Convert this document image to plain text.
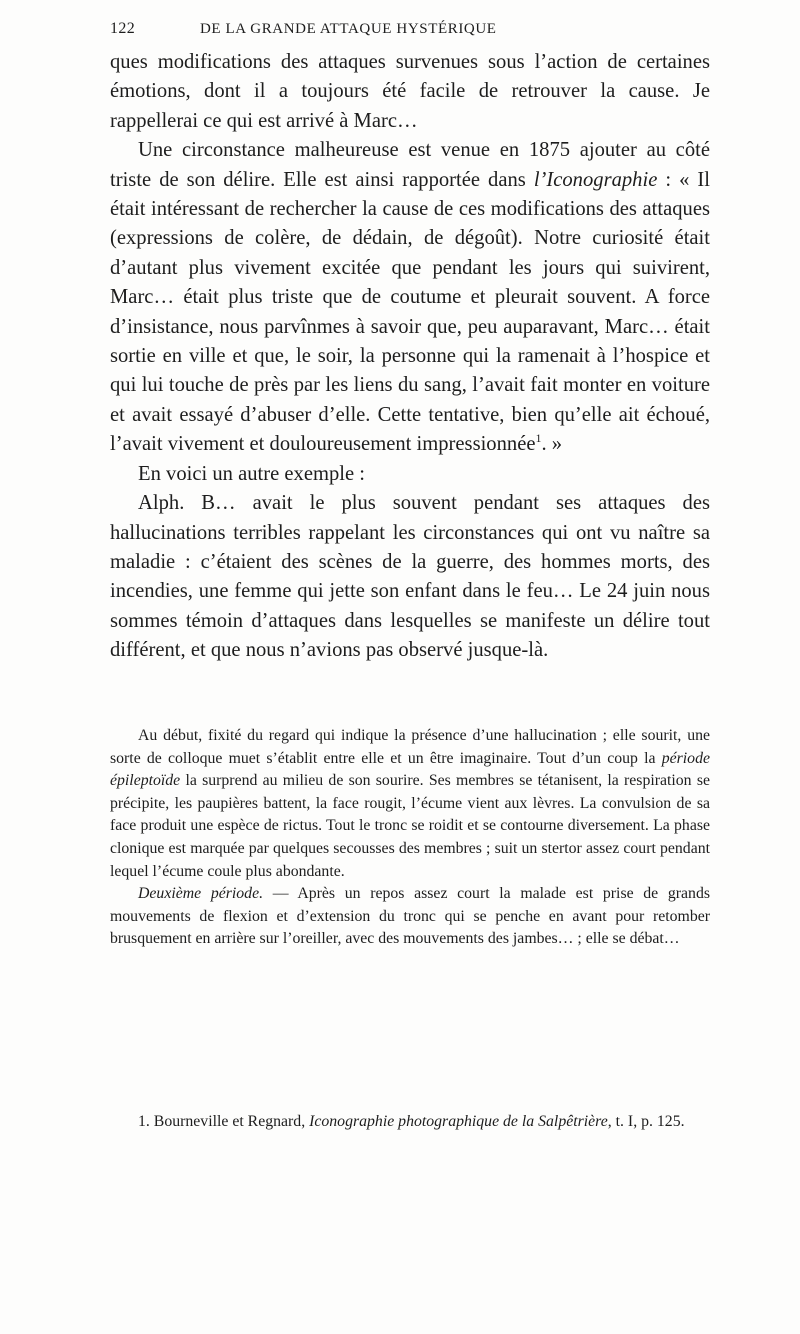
122	DE LA GRANDE ATTAQUE HYSTÉRIQUE

ques modifications des attaques survenues sous l’action de certaines émotions, dont il a toujours été facile de retrouver la cause. Je rappellerai ce qui est arrivé à Marc…

Une circonstance malheureuse est venue en 1875 ajouter au côté triste de son délire. Elle est ainsi rapportée dans l’Iconographie : « Il était intéressant de rechercher la cause de ces modifications des attaques (expressions de colère, de dédain, de dégoût). Notre curiosité était d’autant plus vivement excitée que pendant les jours qui suivirent, Marc… était plus triste que de coutume et pleurait souvent. A force d’insistance, nous parvînmes à savoir que, peu auparavant, Marc… était sortie en ville et que, le soir, la personne qui la ramenait à l’hospice et qui lui touche de près par les liens du sang, l’avait fait monter en voiture et avait essayé d’abuser d’elle. Cette tentative, bien qu’elle ait échoué, l’avait vivement et douloureusement impressionnée$^1$. »

En voici un autre exemple :

Alph. B… avait le plus souvent pendant ses attaques des hallucinations terribles rappelant les circonstances qui ont vu naître sa maladie : c’étaient des scènes de la guerre, des hommes morts, des incendies, une femme qui jette son enfant dans le feu… Le 24 juin nous sommes témoin d’attaques dans lesquelles se manifeste un délire tout différent, et que nous n’avions pas observé jusque-là.

Au début, fixité du regard qui indique la présence d’une hallucination ; elle sourit, une sorte de colloque muet s’établit entre elle et un être imaginaire. Tout d’un coup la période épileptoïde la surprend au milieu de son sourire. Ses membres se tétanisent, la respiration se précipite, les paupières battent, la face rougit, l’écume vient aux lèvres. La convulsion de sa face produit une espèce de rictus. Tout le tronc se roidit et se contourne diversement. La phase clonique est marquée par quelques secousses des membres ; suit un stertor assez court pendant lequel l’écume coule plus abondante.

Deuxième période. — Après un repos assez court la malade est prise de grands mouvements de flexion et d’extension du tronc qui se penche en avant pour retomber brusquement en arrière sur l’oreiller, avec des mouvements des jambes… ; elle se débat…

1. Bourneville et Regnard, Iconographie photographique de la Salpêtrière, t. I, p. 125.
